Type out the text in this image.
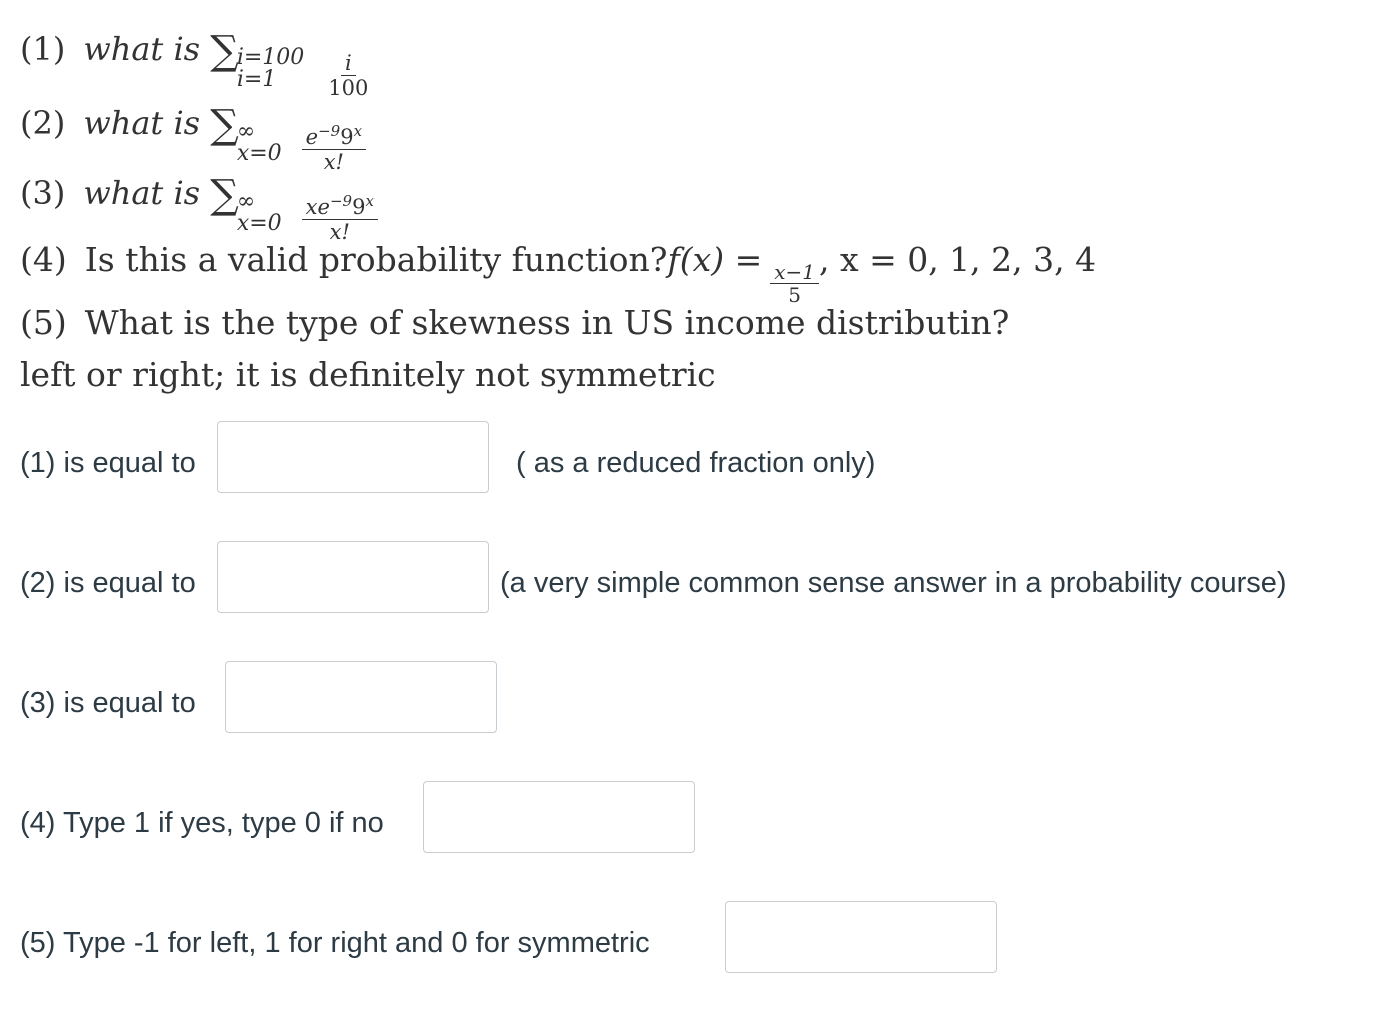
(1) what is ∑
i=100
i=1	$\frac{i}{100}$
(2) what is ∑
∞
$x=0 \frac{e^{-9}9^x}{x!}$
(3) what is ∑
∞
$x=0 \frac{xe^{-9}9^x}{x!}$
(4) Is this a valid probability function?f(x) =
$\frac{x-1}{5}$
, x = 0, 1, 2, 3, 4
(5) What is the type of skewness in US income distributin?
left or right; it is definitely not symmetric
(1) is equal to	( as a reduced fraction only)
(2) is equal to	(a very simple common sense answer in a probability course)
(3) is equal to
(4) Type 1 if yes, type 0 if no
(5) Type -1 for left, 1 for right and 0 for symmetric
